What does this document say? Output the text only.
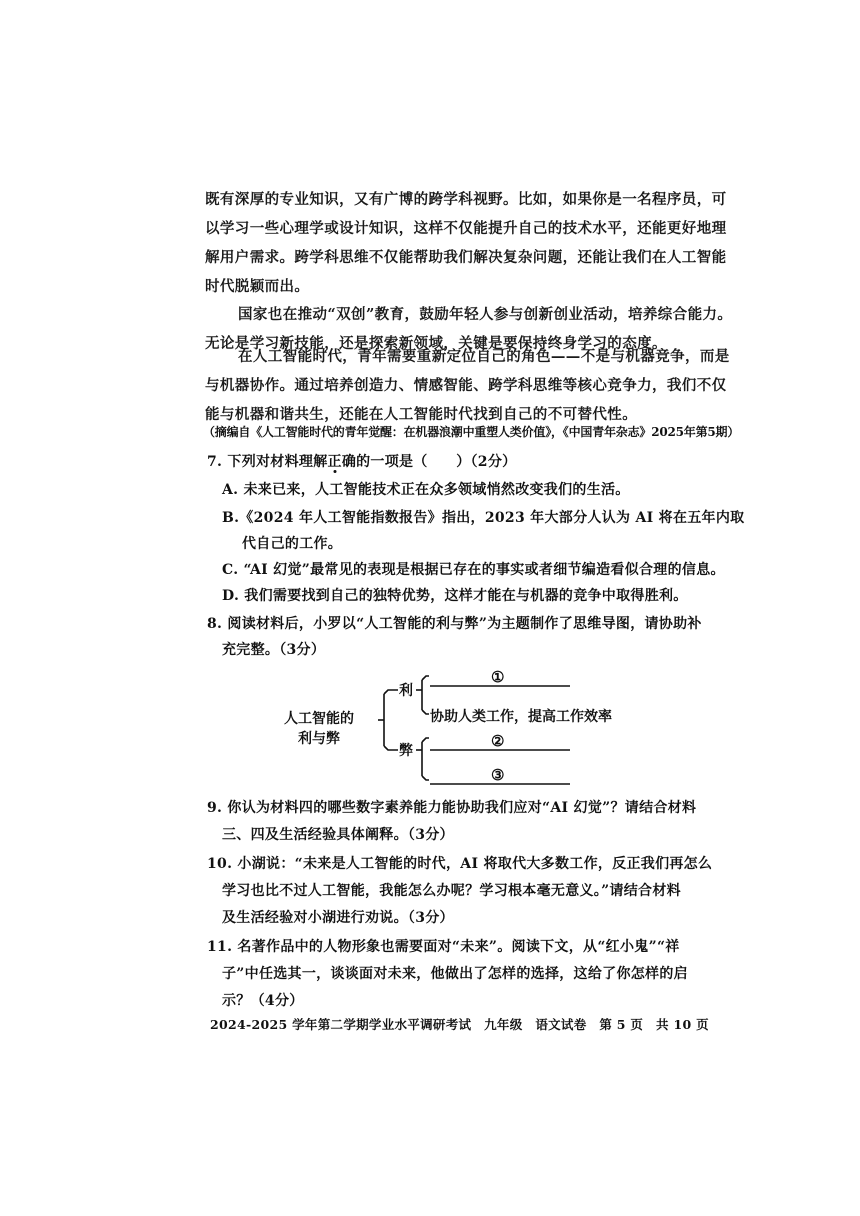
既有深厚的专业知识，又有广博的跨学科视野。比如，如果你是一名程序员，可
以学习一些心理学或设计知识，这样不仅能提升自己的技术水平，还能更好地理
解用户需求。跨学科思维不仅能帮助我们解决复杂问题，还能让我们在人工智能
时代脱颖而出。
国家也在推动“双创”教育，鼓励年轻人参与创新创业活动，培养综合能力。
无论是学习新技能，还是探索新领域，关键是要保持终身学习的态度。
在人工智能时代，青年需要重新定位自己的角色——不是与机器竞争，而是
与机器协作。通过培养创造力、情感智能、跨学科思维等核心竞争力，我们不仅
能与机器和谐共生，还能在人工智能时代找到自己的不可替代性。
（摘编自《人工智能时代的青年觉醒：在机器浪潮中重塑人类价值》，《中国青年杂志》2025年第5期）
7. 下列对材料理解正确的一项是（　　）（2分）
A. 未来已来，人工智能技术正在众多领域悄然改变我们的生活。
B.《2024 年人工智能指数报告》指出，2023 年大部分人认为 AI 将在五年内取
代自己的工作。
C. “AI 幻觉”最常见的表现是根据已存在的事实或者细节编造看似合理的信息。
D. 我们需要找到自己的独特优势，这样才能在与机器的竞争中取得胜利。
8. 阅读材料后，小罗以“人工智能的利与弊”为主题制作了思维导图，请协助补
充完整。（3分）
人工智能的
利与弊
利
弊
①
协助人类工作，提高工作效率
②
③
9. 你认为材料四的哪些数字素养能力能协助我们应对“AI 幻觉”？请结合材料
三、四及生活经验具体阐释。（3分）
10. 小湖说：“未来是人工智能的时代，AI 将取代大多数工作，反正我们再怎么
学习也比不过人工智能，我能怎么办呢？学习根本毫无意义。”请结合材料
及生活经验对小湖进行劝说。（3分）
11. 名著作品中的人物形象也需要面对“未来”。阅读下文，从“红小鬼”“祥
子”中任选其一，谈谈面对未来，他做出了怎样的选择，这给了你怎样的启
示？（4分）
2024-2025 学年第二学期学业水平调研考试　九年级　语文试卷　第 5 页　共 10 页
